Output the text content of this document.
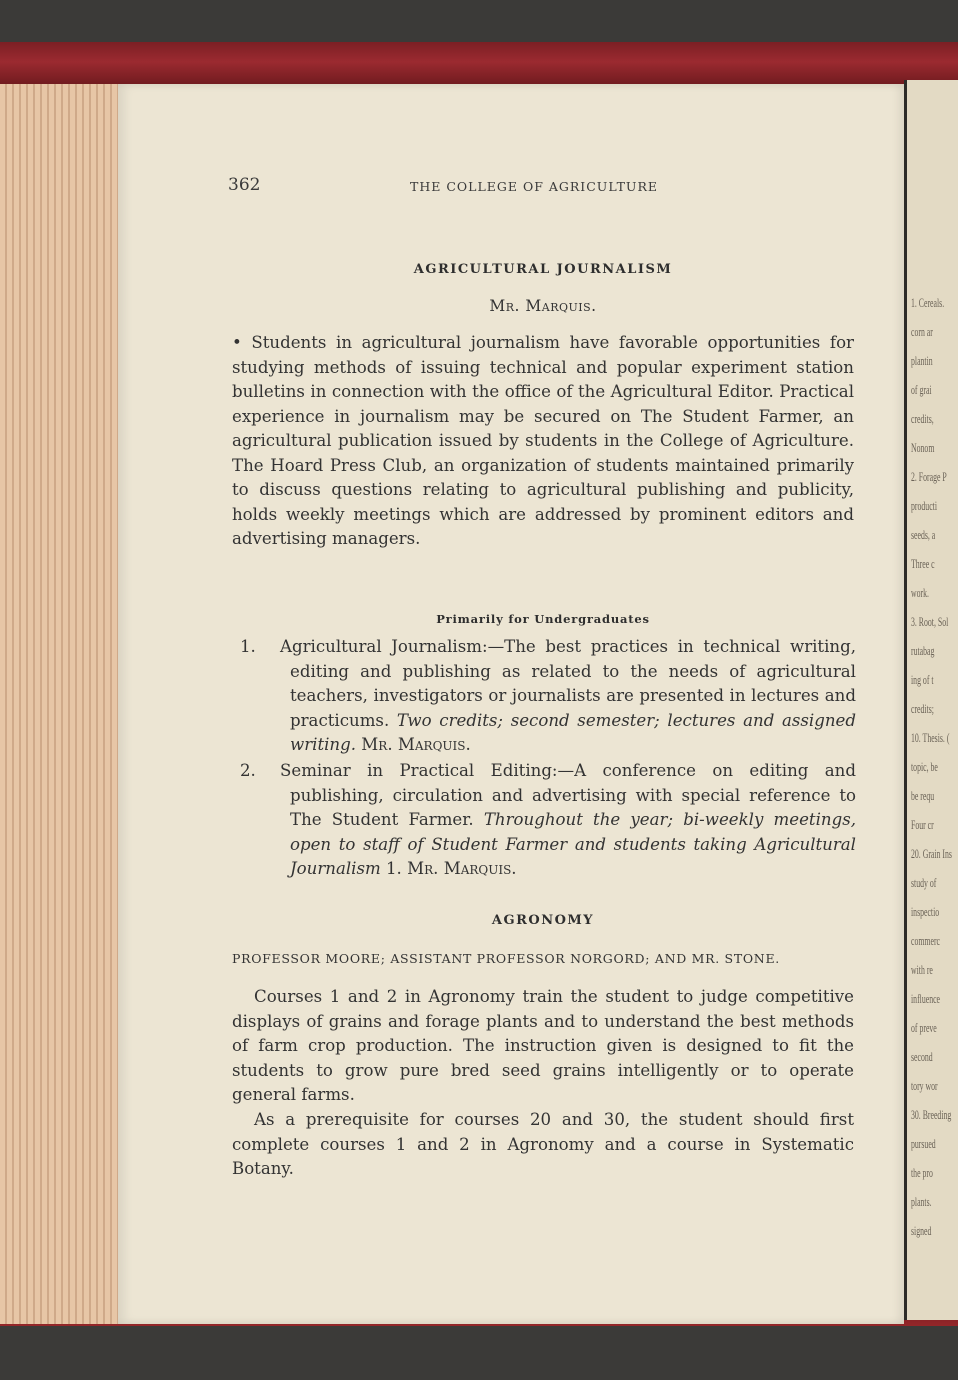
1. Cereals.
corn ar
plantin
of grai
credits,
Nonom
2. Forage P
producti
seeds, a
Three c
work.
3. Root, Sol
rutabag
ing of t
credits;
10. Thesis. (
topic, be
be requ
Four cr
20. Grain Ins
study of
inspectio
commerc
with re
influence
of preve
second
tory wor
30. Breeding
pursued
the pro
plants.
signed
362	THE COLLEGE OF AGRICULTURE
AGRICULTURAL JOURNALISM
Mr. Marquis.
• Students in agricultural journalism have favorable opportunities for studying methods of issuing technical and popular experiment station bulletins in connection with the office of the Agricultural Editor. Practical experience in journalism may be secured on The Student Farmer, an agricultural publication issued by students in the College of Agriculture. The Hoard Press Club, an organization of students maintained primarily to discuss questions relating to agricultural publishing and publicity, holds weekly meetings which are addressed by prominent editors and advertising managers.
Primarily for Undergraduates
1. Agricultural Journalism:—The best practices in technical writing, editing and publishing as related to the needs of agricultural teachers, investigators or journalists are presented in lectures and practicums. Two credits; second semester; lectures and assigned writing. Mr. Marquis.
2. Seminar in Practical Editing:—A conference on editing and publishing, circulation and advertising with special reference to The Student Farmer. Throughout the year; bi-weekly meetings, open to staff of Student Farmer and students taking Agricultural Journalism 1. Mr. Marquis.
AGRONOMY
PROFESSOR MOORE; ASSISTANT PROFESSOR NORGORD; AND MR. STONE.
Courses 1 and 2 in Agronomy train the student to judge competitive displays of grains and forage plants and to understand the best methods of farm crop production. The instruction given is designed to fit the students to grow pure bred seed grains intelligently or to operate general farms.
As a prerequisite for courses 20 and 30, the student should first complete courses 1 and 2 in Agronomy and a course in Systematic Botany.
